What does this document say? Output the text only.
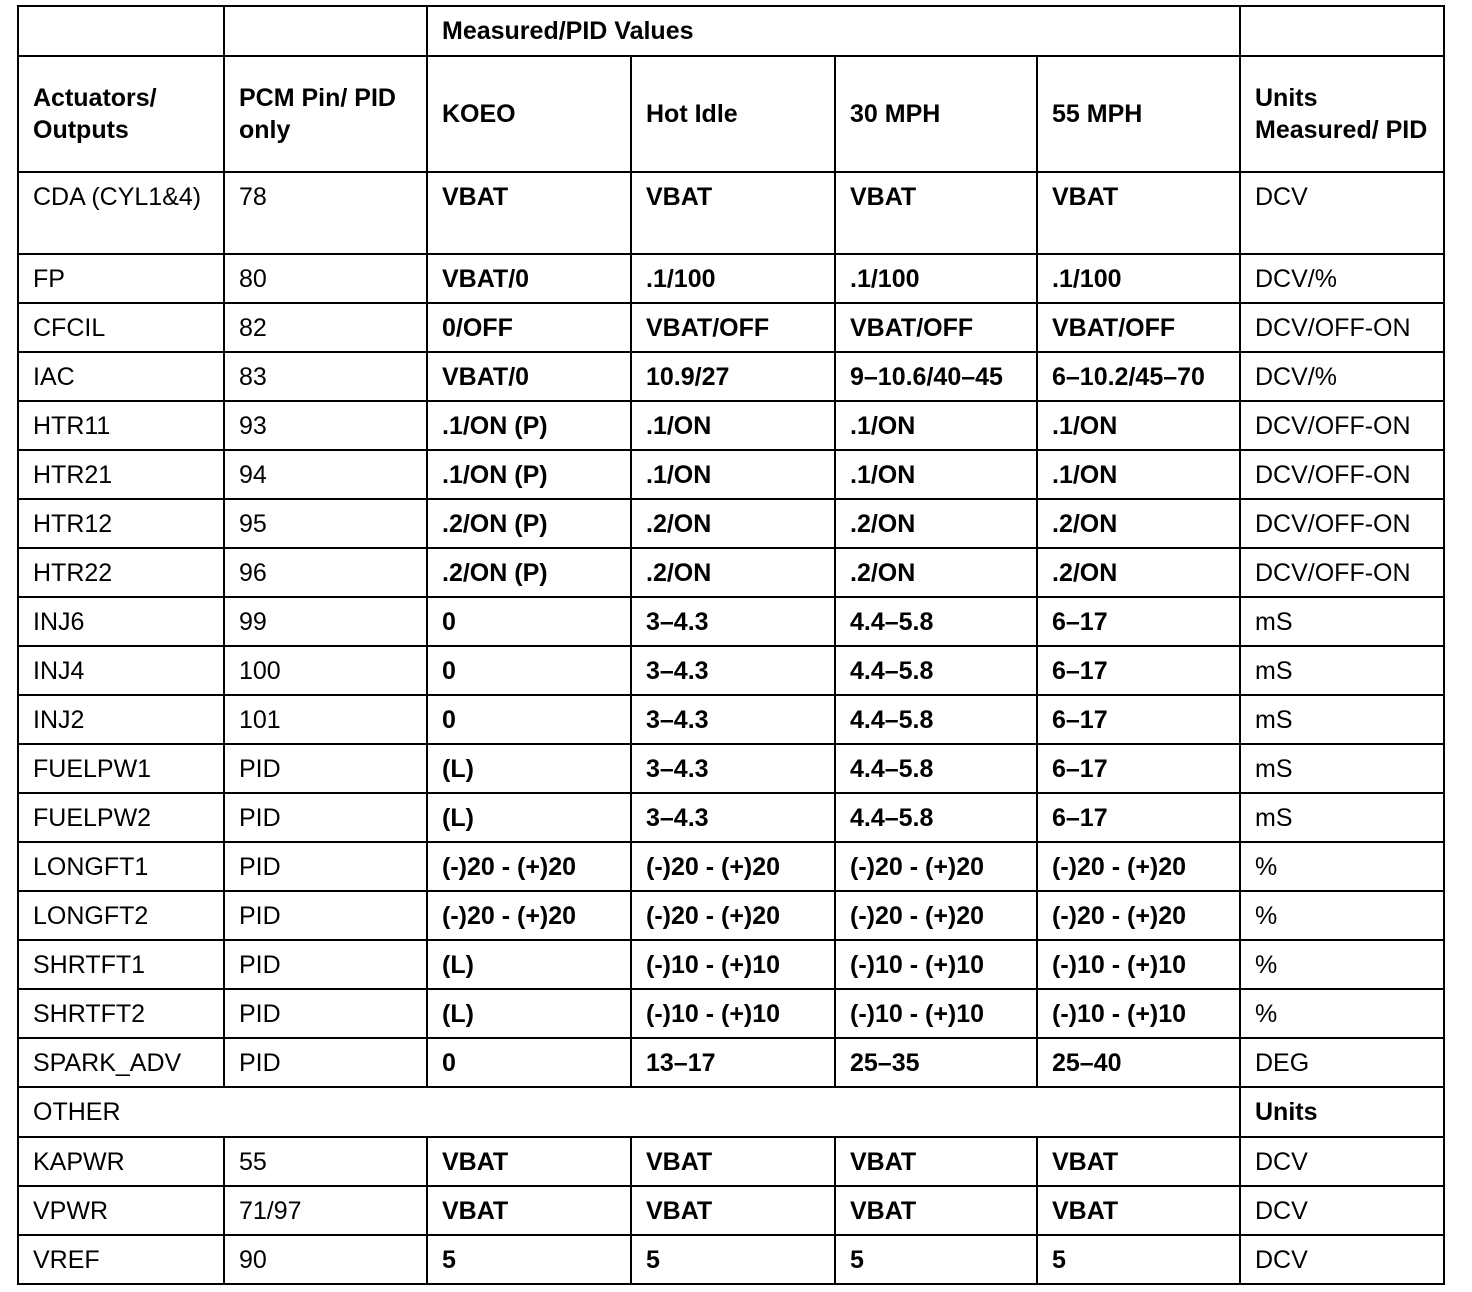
		Measured/PID Values				
Actuators/ Outputs	PCM Pin/ PID only	KOEO	Hot Idle	30 MPH	55 MPH	Units Measured/ PID
CDA (CYL1&4)	78	VBAT	VBAT	VBAT	VBAT	DCV
FP	80	VBAT/0	.1/100	.1/100	.1/100	DCV/%
CFCIL	82	0/OFF	VBAT/OFF	VBAT/OFF	VBAT/OFF	DCV/OFF-ON
IAC	83	VBAT/0	10.9/27	9–10.6/40–45	6–10.2/45–70	DCV/%
HTR11	93	.1/ON (P)	.1/ON	.1/ON	.1/ON	DCV/OFF-ON
HTR21	94	.1/ON (P)	.1/ON	.1/ON	.1/ON	DCV/OFF-ON
HTR12	95	.2/ON (P)	.2/ON	.2/ON	.2/ON	DCV/OFF-ON
HTR22	96	.2/ON (P)	.2/ON	.2/ON	.2/ON	DCV/OFF-ON
INJ6	99	0	3–4.3	4.4–5.8	6–17	mS
INJ4	100	0	3–4.3	4.4–5.8	6–17	mS
INJ2	101	0	3–4.3	4.4–5.8	6–17	mS
FUELPW1	PID	(L)	3–4.3	4.4–5.8	6–17	mS
FUELPW2	PID	(L)	3–4.3	4.4–5.8	6–17	mS
LONGFT1	PID	(-)20 - (+)20	(-)20 - (+)20	(-)20 - (+)20	(-)20 - (+)20	%
LONGFT2	PID	(-)20 - (+)20	(-)20 - (+)20	(-)20 - (+)20	(-)20 - (+)20	%
SHRTFT1	PID	(L)	(-)10 - (+)10	(-)10 - (+)10	(-)10 - (+)10	%
SHRTFT2	PID	(L)	(-)10 - (+)10	(-)10 - (+)10	(-)10 - (+)10	%
SPARK_ADV	PID	0	13–17	25–35	25–40	DEG
OTHER						Units
KAPWR	55	VBAT	VBAT	VBAT	VBAT	DCV
VPWR	71/97	VBAT	VBAT	VBAT	VBAT	DCV
VREF	90	5	5	5	5	DCV
